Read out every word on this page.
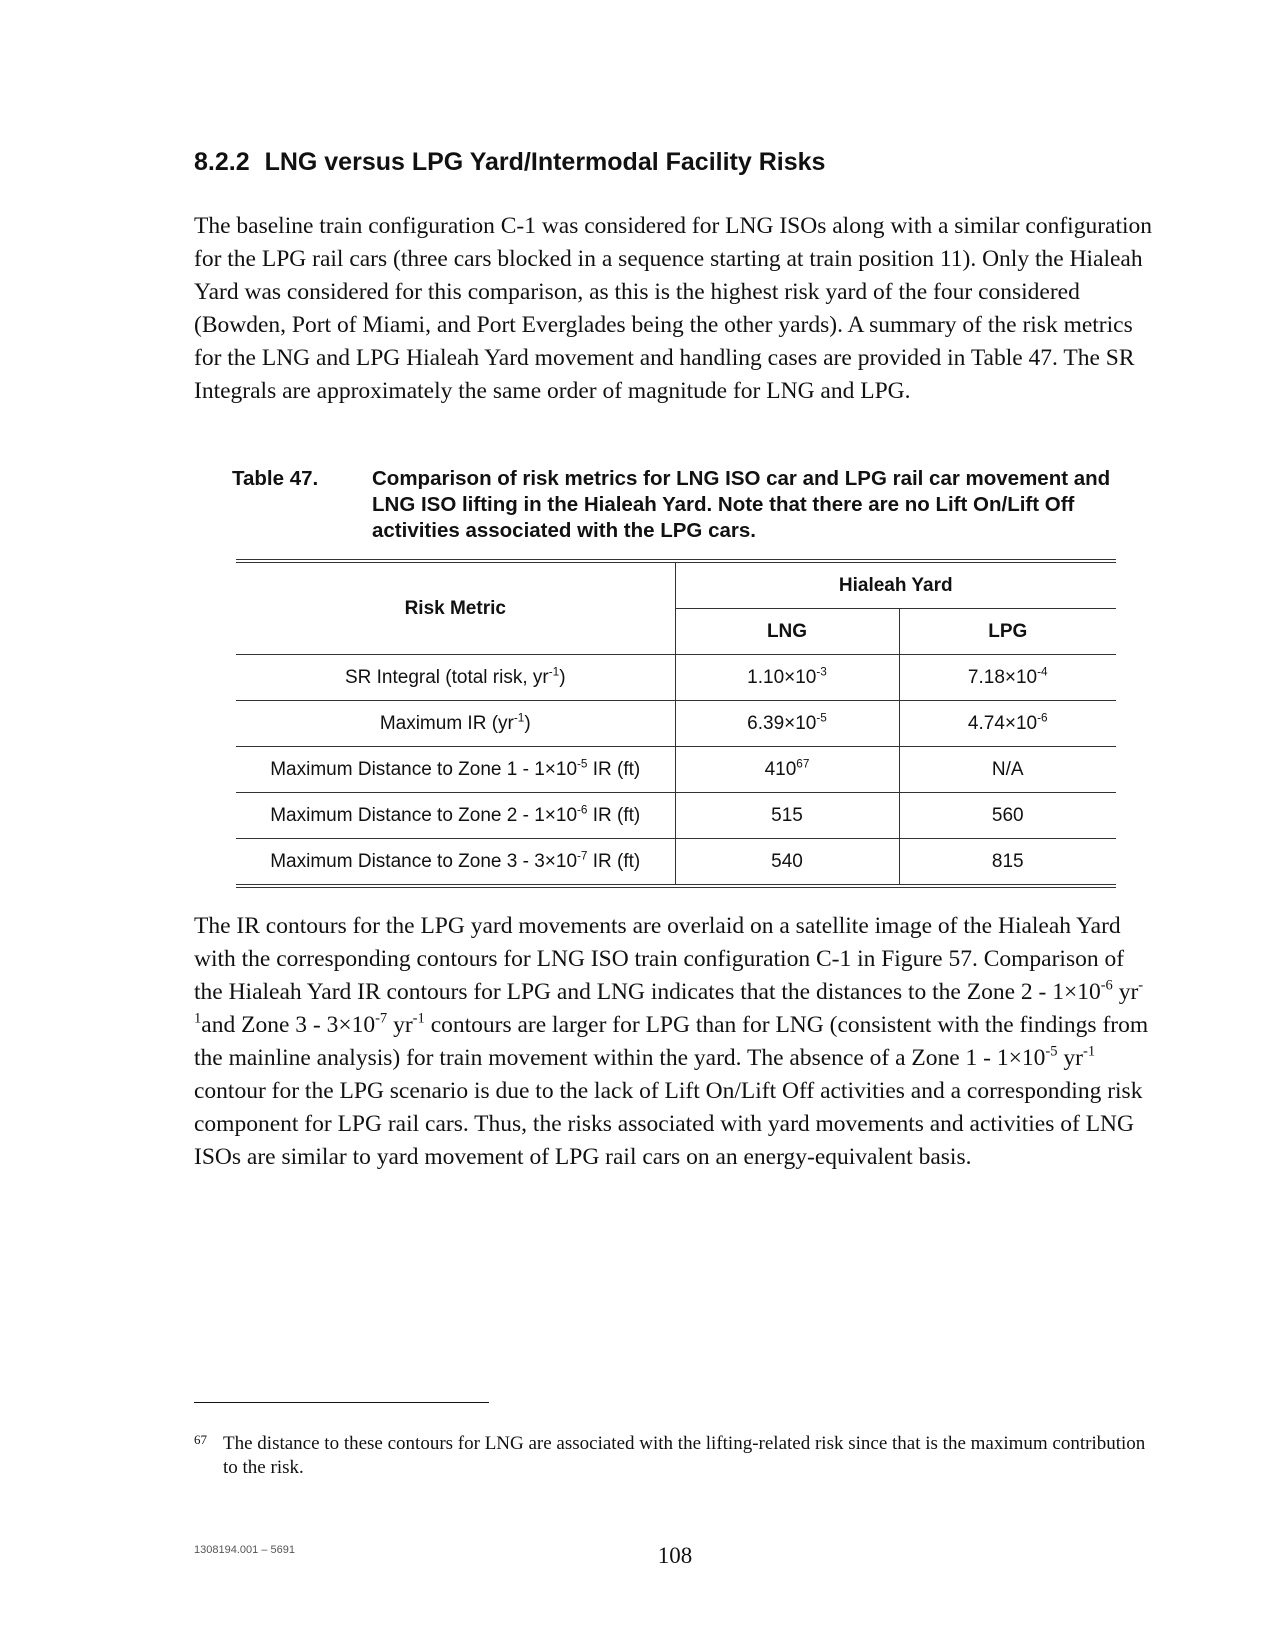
8.2.2 LNG versus LPG Yard/Intermodal Facility Risks

The baseline train configuration C-1 was considered for LNG ISOs along with a similar configuration for the LPG rail cars (three cars blocked in a sequence starting at train position 11). Only the Hialeah Yard was considered for this comparison, as this is the highest risk yard of the four considered (Bowden, Port of Miami, and Port Everglades being the other yards). A summary of the risk metrics for the LNG and LPG Hialeah Yard movement and handling cases are provided in Table 47. The SR Integrals are approximately the same order of magnitude for LNG and LPG.

Table 47.	Comparison of risk metrics for LNG ISO car and LPG rail car movement and LNG ISO lifting in the Hialeah Yard. Note that there are no Lift On/Lift Off activities associated with the LPG cars.
Risk Metric	Hialeah Yard	
	LNG	LPG
SR Integral (total risk, $yr^{-1}$)	$1.10\times 10^{-3}$	$7.18\times 10^{-4}$
Maximum IR $(yr^{-1})$	$6.39\times 10^{-5}$	$4.74\times 10^{-6}$
Maximum Distance to Zone $1 - 1\times 10^{-5}$ IR (ft)	$410^{67}$	N/A
Maximum Distance to Zone $2 - 1\times 10^{-6}$ IR (ft)	515	560
Maximum Distance to Zone $3 - 3\times 10^{-7}$ IR (ft)	540	815

The IR contours for the LPG yard movements are overlaid on a satellite image of the Hialeah Yard with the corresponding contours for LNG ISO train configuration C-1 in Figure 57. Comparison of the Hialeah Yard IR contours for LPG and LNG indicates that the distances to the Zone $2 - 1\times 10^{-6}$ $yr^{-1}and$ Zone $3 - 3\times 10^{-7}$ $yr^{-1}$ contours are larger for LPG than for LNG (consistent with the findings from the mainline analysis) for train movement within the yard. The absence of a Zone $1 - 1\times 10^{-5}$ $yr^{-1}$ contour for the LPG scenario is due to the lack of Lift On/Lift Off activities and a corresponding risk component for LPG rail cars. Thus, the risks associated with yard movements and activities of LNG ISOs are similar to yard movement of LPG rail cars on an energy-equivalent basis.

67 The distance to these contours for LNG are associated with the lifting-related risk since that is the maximum contribution to the risk.
1308194.001 – 5691	108
